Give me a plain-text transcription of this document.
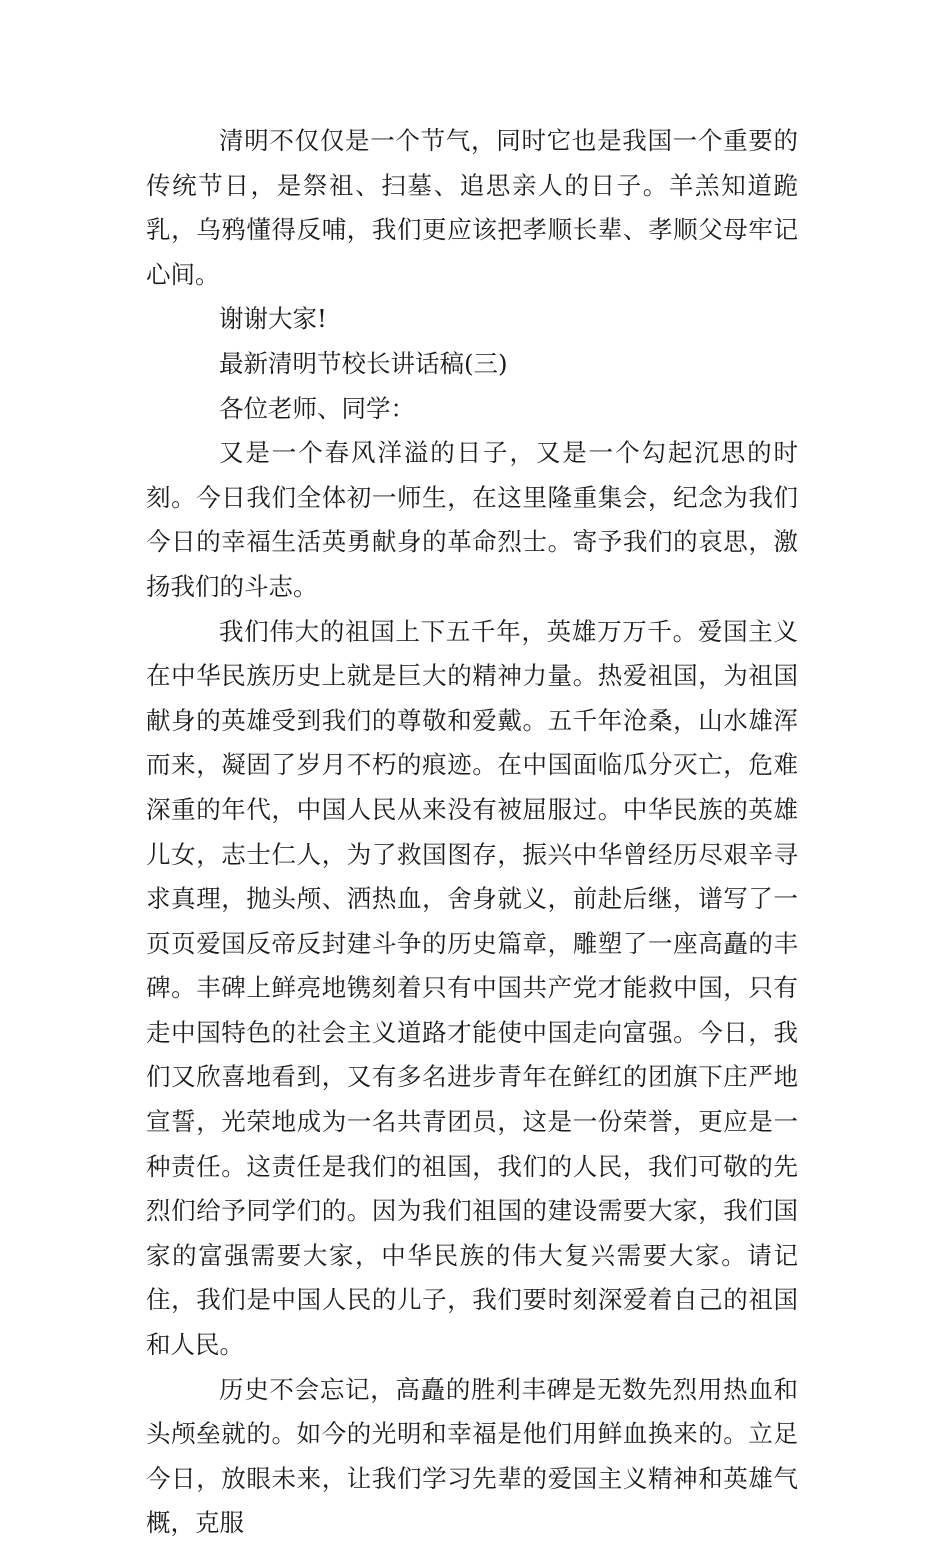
清明不仅仅是一个节气，同时它也是我国一个重要的传统节日，是祭祖、扫墓、追思亲人的日子。羊羔知道跪乳，乌鸦懂得反哺，我们更应该把孝顺长辈、孝顺父母牢记心间。

谢谢大家!

最新清明节校长讲话稿(三)

各位老师、同学：

又是一个春风洋溢的日子，又是一个勾起沉思的时刻。今日我们全体初一师生，在这里隆重集会，纪念为我们今日的幸福生活英勇献身的革命烈士。寄予我们的哀思，激扬我们的斗志。

我们伟大的祖国上下五千年，英雄万万千。爱国主义在中华民族历史上就是巨大的精神力量。热爱祖国，为祖国献身的英雄受到我们的尊敬和爱戴。五千年沧桑，山水雄浑而来，凝固了岁月不朽的痕迹。在中国面临瓜分灭亡，危难深重的年代，中国人民从来没有被屈服过。中华民族的英雄儿女，志士仁人，为了救国图存，振兴中华曾经历尽艰辛寻求真理，抛头颅、洒热血，舍身就义，前赴后继，谱写了一页页爱国反帝反封建斗争的历史篇章，雕塑了一座高矗的丰碑。丰碑上鲜亮地镌刻着只有中国共产党才能救中国，只有走中国特色的社会主义道路才能使中国走向富强。今日，我们又欣喜地看到，又有多名进步青年在鲜红的团旗下庄严地宣誓，光荣地成为一名共青团员，这是一份荣誉，更应是一种责任。这责任是我们的祖国，我们的人民，我们可敬的先烈们给予同学们的。因为我们祖国的建设需要大家，我们国家的富强需要大家，中华民族的伟大复兴需要大家。请记住，我们是中国人民的儿子，我们要时刻深爱着自己的祖国和人民。

历史不会忘记，高矗的胜利丰碑是无数先烈用热血和头颅垒就的。如今的光明和幸福是他们用鲜血换来的。立足今日，放眼未来，让我们学习先辈的爱国主义精神和英雄气概，克服
